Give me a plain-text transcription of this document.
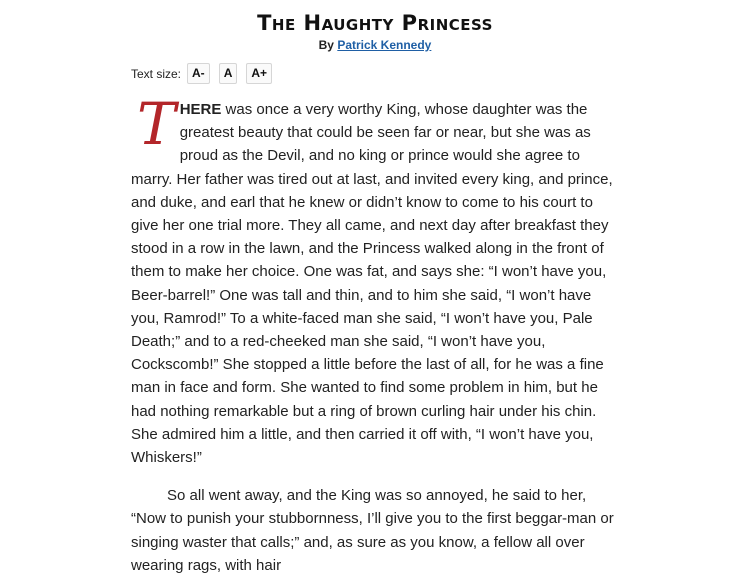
The Haughty Princess
By Patrick Kennedy
Text size: A-	A	A+

THERE was once a very worthy King, whose daughter was the greatest beauty that could be seen far or near, but she was as proud as the Devil, and no king or prince would she agree to marry. Her father was tired out at last, and invited every king, and prince, and duke, and earl that he knew or didn’t know to come to his court to give her one trial more. They all came, and next day after breakfast they stood in a row in the lawn, and the Princess walked along in the front of them to make her choice. One was fat, and says she: “I won’t have you, Beer-barrel!” One was tall and thin, and to him she said, “I won’t have you, Ramrod!” To a white-faced man she said, “I won’t have you, Pale Death;” and to a red-cheeked man she said, “I won’t have you, Cockscomb!” She stopped a little before the last of all, for he was a fine man in face and form. She wanted to find some problem in him, but he had nothing remarkable but a ring of brown curling hair under his chin. She admired him a little, and then carried it off with, “I won’t have you, Whiskers!”

So all went away, and the King was so annoyed, he said to her, “Now to punish your stubbornness, I’ll give you to the first beggar-man or singing waster that calls;” and, as sure as you know, a fellow all over wearing rags, with hair
